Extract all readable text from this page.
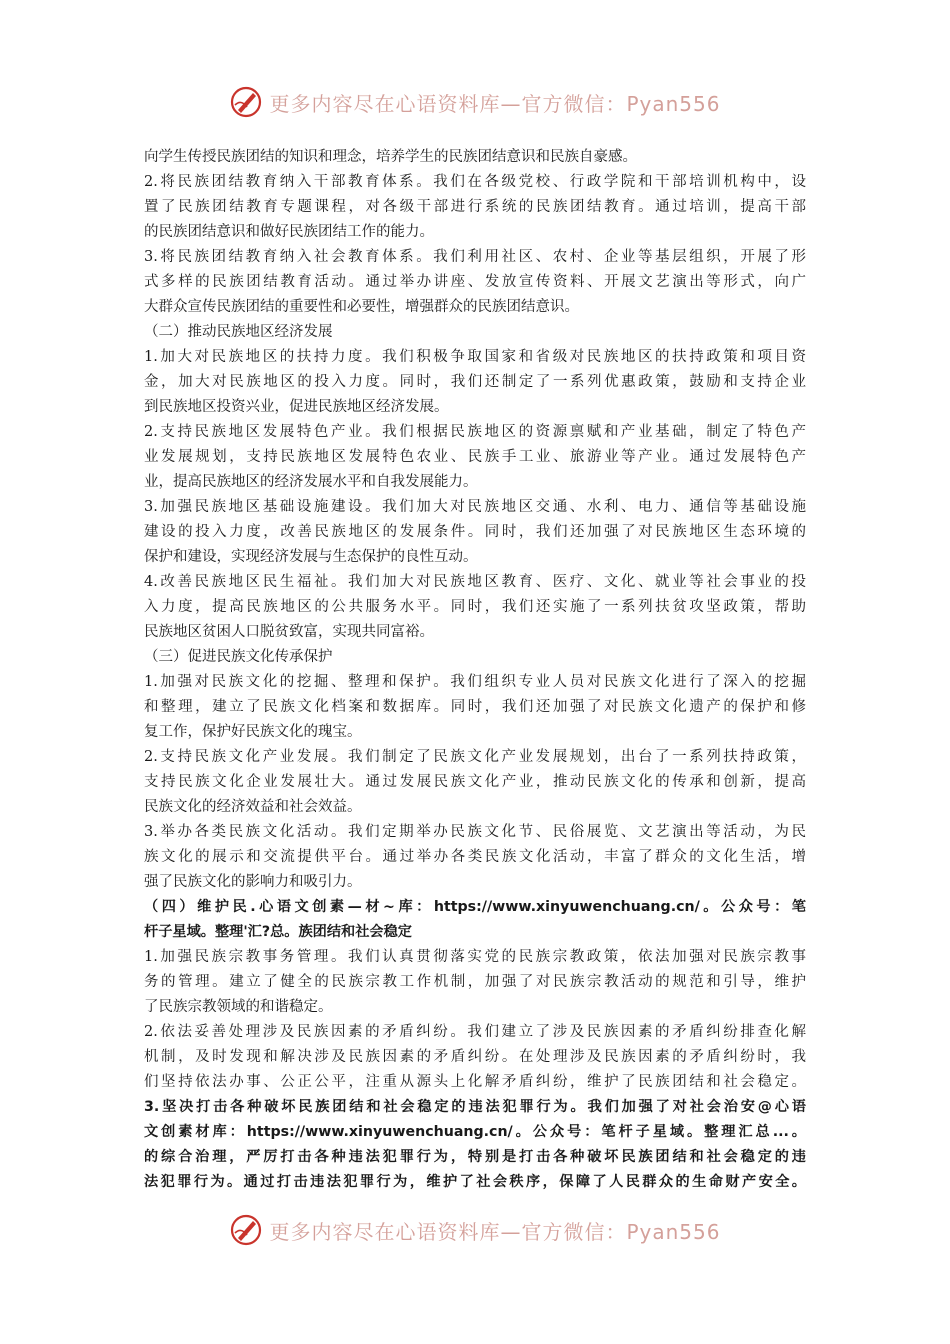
更多内容尽在心语资料库—官方微信：Pyan556
向学生传授民族团结的知识和理念，培养学生的民族团结意识和民族自豪感。
2.将民族团结教育纳入干部教育体系。我们在各级党校、行政学院和干部培训机构中，设
置了民族团结教育专题课程，对各级干部进行系统的民族团结教育。通过培训，提高干部
的民族团结意识和做好民族团结工作的能力。
3.将民族团结教育纳入社会教育体系。我们利用社区、农村、企业等基层组织，开展了形
式多样的民族团结教育活动。通过举办讲座、发放宣传资料、开展文艺演出等形式，向广
大群众宣传民族团结的重要性和必要性，增强群众的民族团结意识。
（二）推动民族地区经济发展
1.加大对民族地区的扶持力度。我们积极争取国家和省级对民族地区的扶持政策和项目资
金，加大对民族地区的投入力度。同时，我们还制定了一系列优惠政策，鼓励和支持企业
到民族地区投资兴业，促进民族地区经济发展。
2.支持民族地区发展特色产业。我们根据民族地区的资源禀赋和产业基础，制定了特色产
业发展规划，支持民族地区发展特色农业、民族手工业、旅游业等产业。通过发展特色产
业，提高民族地区的经济发展水平和自我发展能力。
3.加强民族地区基础设施建设。我们加大对民族地区交通、水利、电力、通信等基础设施
建设的投入力度，改善民族地区的发展条件。同时，我们还加强了对民族地区生态环境的
保护和建设，实现经济发展与生态保护的良性互动。
4.改善民族地区民生福祉。我们加大对民族地区教育、医疗、文化、就业等社会事业的投
入力度，提高民族地区的公共服务水平。同时，我们还实施了一系列扶贫攻坚政策，帮助
民族地区贫困人口脱贫致富，实现共同富裕。
（三）促进民族文化传承保护
1.加强对民族文化的挖掘、整理和保护。我们组织专业人员对民族文化进行了深入的挖掘
和整理，建立了民族文化档案和数据库。同时，我们还加强了对民族文化遗产的保护和修
复工作，保护好民族文化的瑰宝。
2.支持民族文化产业发展。我们制定了民族文化产业发展规划，出台了一系列扶持政策，
支持民族文化企业发展壮大。通过发展民族文化产业，推动民族文化的传承和创新，提高
民族文化的经济效益和社会效益。
3.举办各类民族文化活动。我们定期举办民族文化节、民俗展览、文艺演出等活动，为民
族文化的展示和交流提供平台。通过举办各类民族文化活动，丰富了群众的文化生活，增
强了民族文化的影响力和吸引力。
（四）维护民.心语文创素—材~库：https://www.xinyuwenchuang.cn/。公众号：笔
杆子星域。整理'汇?总。族团结和社会稳定
1.加强民族宗教事务管理。我们认真贯彻落实党的民族宗教政策，依法加强对民族宗教事
务的管理。建立了健全的民族宗教工作机制，加强了对民族宗教活动的规范和引导，维护
了民族宗教领域的和谐稳定。
2.依法妥善处理涉及民族因素的矛盾纠纷。我们建立了涉及民族因素的矛盾纠纷排查化解
机制，及时发现和解决涉及民族因素的矛盾纠纷。在处理涉及民族因素的矛盾纠纷时，我
们坚持依法办事、公正公平，注重从源头上化解矛盾纠纷，维护了民族团结和社会稳定。
3.坚决打击各种破坏民族团结和社会稳定的违法犯罪行为。我们加强了对社会治安@心语
文创素材库：https://www.xinyuwenchuang.cn/。公众号：笔杆子星域。整理汇总...。
的综合治理，严厉打击各种违法犯罪行为，特别是打击各种破坏民族团结和社会稳定的违
法犯罪行为。通过打击违法犯罪行为，维护了社会秩序，保障了人民群众的生命财产安全。
更多内容尽在心语资料库—官方微信：Pyan556
